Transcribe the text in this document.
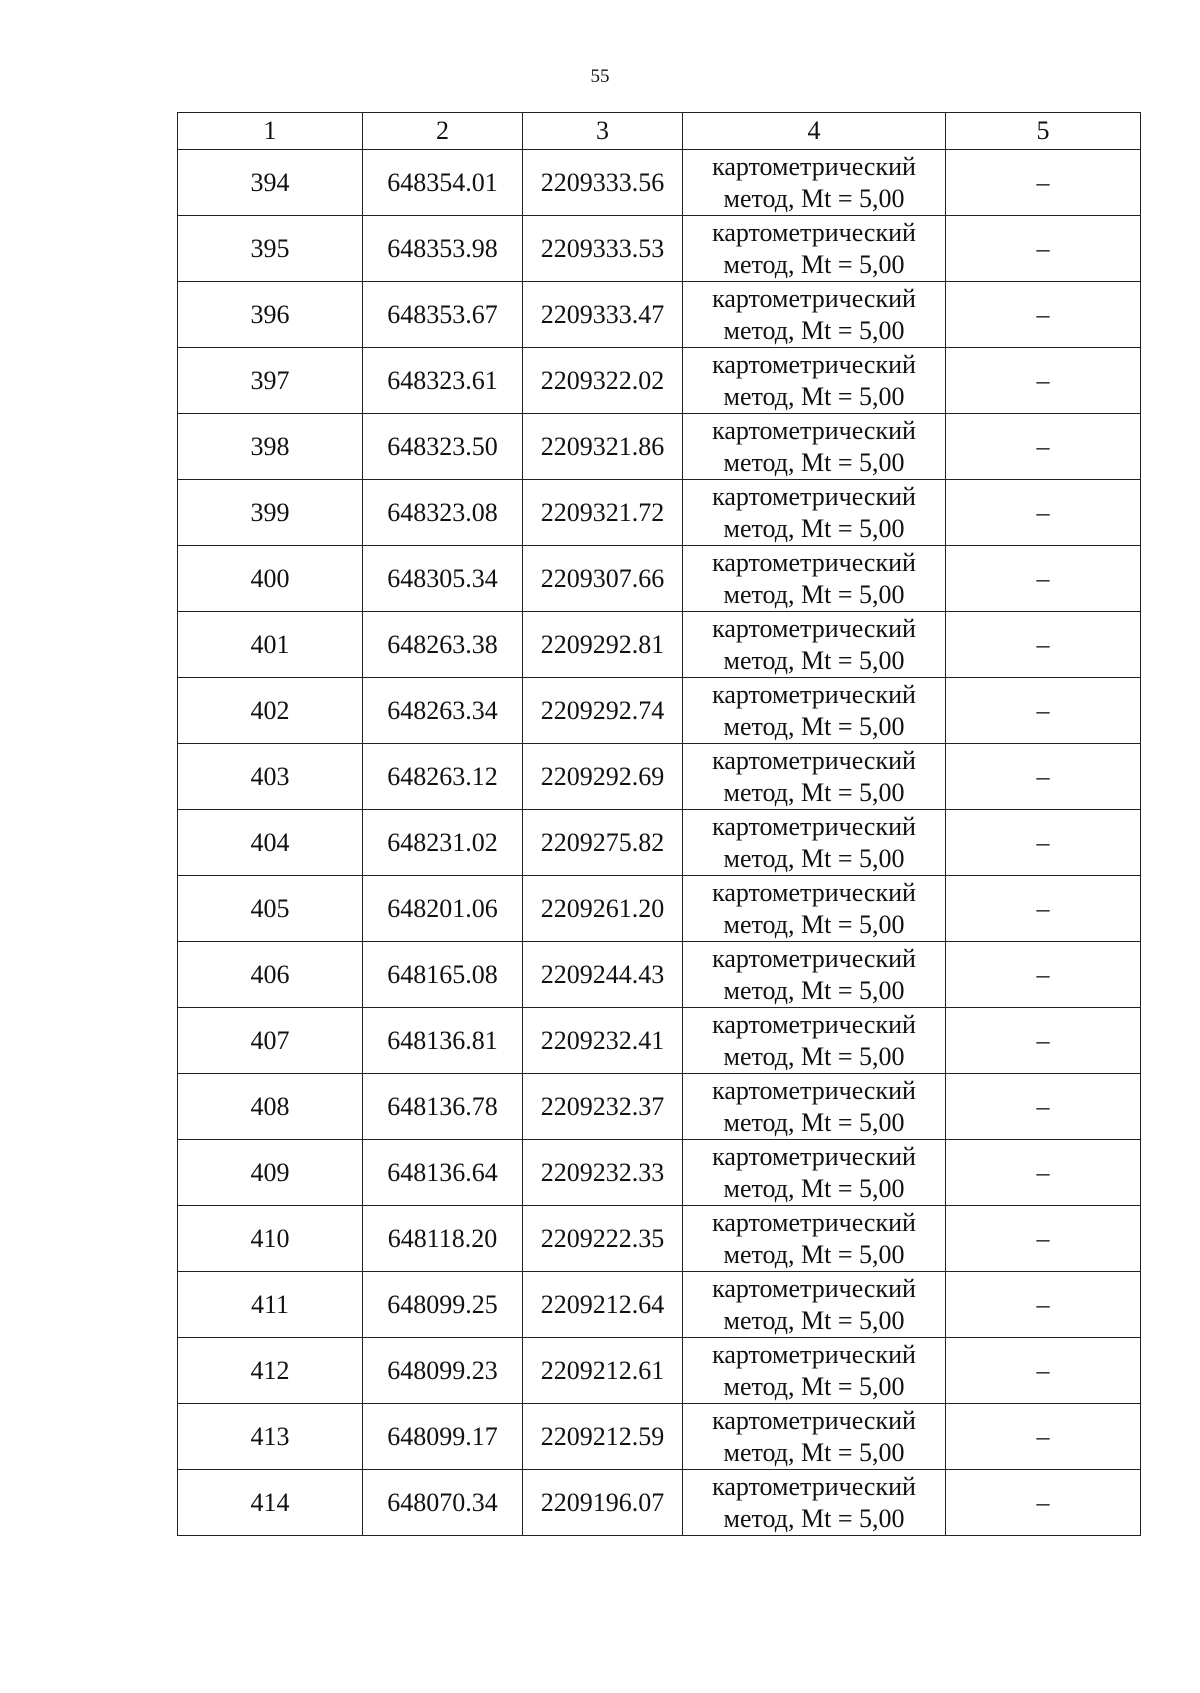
55
1	2	3	4	5
394	648354.01	2209333.56	картометрический
метод, Mt = 5,00	–
395	648353.98	2209333.53	картометрический
метод, Mt = 5,00	–
396	648353.67	2209333.47	картометрический
метод, Mt = 5,00	–
397	648323.61	2209322.02	картометрический
метод, Mt = 5,00	–
398	648323.50	2209321.86	картометрический
метод, Mt = 5,00	–
399	648323.08	2209321.72	картометрический
метод, Mt = 5,00	–
400	648305.34	2209307.66	картометрический
метод, Mt = 5,00	–
401	648263.38	2209292.81	картометрический
метод, Mt = 5,00	–
402	648263.34	2209292.74	картометрический
метод, Mt = 5,00	–
403	648263.12	2209292.69	картометрический
метод, Mt = 5,00	–
404	648231.02	2209275.82	картометрический
метод, Mt = 5,00	–
405	648201.06	2209261.20	картометрический
метод, Mt = 5,00	–
406	648165.08	2209244.43	картометрический
метод, Mt = 5,00	–
407	648136.81	2209232.41	картометрический
метод, Mt = 5,00	–
408	648136.78	2209232.37	картометрический
метод, Mt = 5,00	–
409	648136.64	2209232.33	картометрический
метод, Mt = 5,00	–
410	648118.20	2209222.35	картометрический
метод, Mt = 5,00	–
411	648099.25	2209212.64	картометрический
метод, Mt = 5,00	–
412	648099.23	2209212.61	картометрический
метод, Mt = 5,00	–
413	648099.17	2209212.59	картометрический
метод, Mt = 5,00	–
414	648070.34	2209196.07	картометрический
метод, Mt = 5,00	–
